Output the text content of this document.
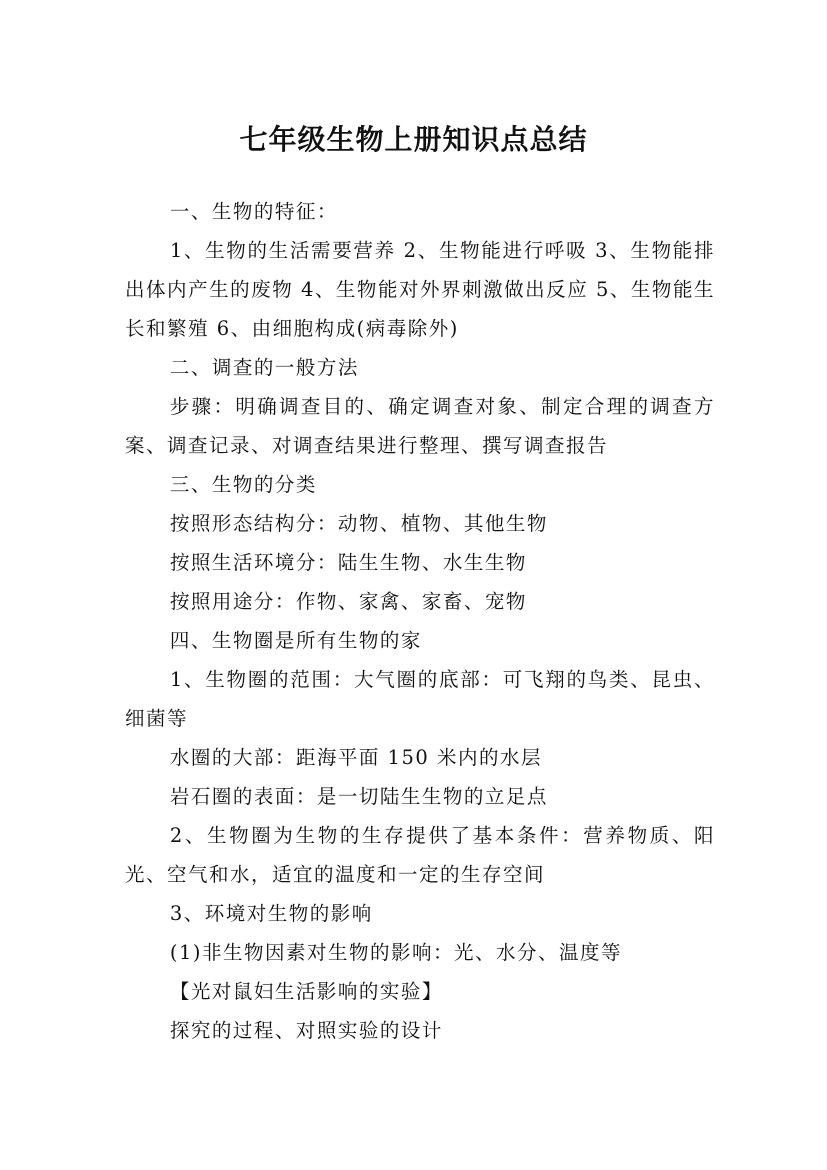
七年级生物上册知识点总结

一、生物的特征：

1、生物的生活需要营养 2、生物能进行呼吸 3、生物能排出体内产生的废物 4、生物能对外界刺激做出反应 5、生物能生长和繁殖 6、由细胞构成(病毒除外)

二、调查的一般方法

步骤：明确调查目的、确定调查对象、制定合理的调查方案、调查记录、对调查结果进行整理、撰写调查报告

三、生物的分类

按照形态结构分：动物、植物、其他生物

按照生活环境分：陆生生物、水生生物

按照用途分：作物、家禽、家畜、宠物

四、生物圈是所有生物的家

1、生物圈的范围：大气圈的底部：可飞翔的鸟类、昆虫、细菌等

水圈的大部：距海平面 150 米内的水层

岩石圈的表面：是一切陆生生物的立足点

2、生物圈为生物的生存提供了基本条件：营养物质、阳光、空气和水，适宜的温度和一定的生存空间

3、环境对生物的影响

(1)非生物因素对生物的影响：光、水分、温度等

【光对鼠妇生活影响的实验】

探究的过程、对照实验的设计
